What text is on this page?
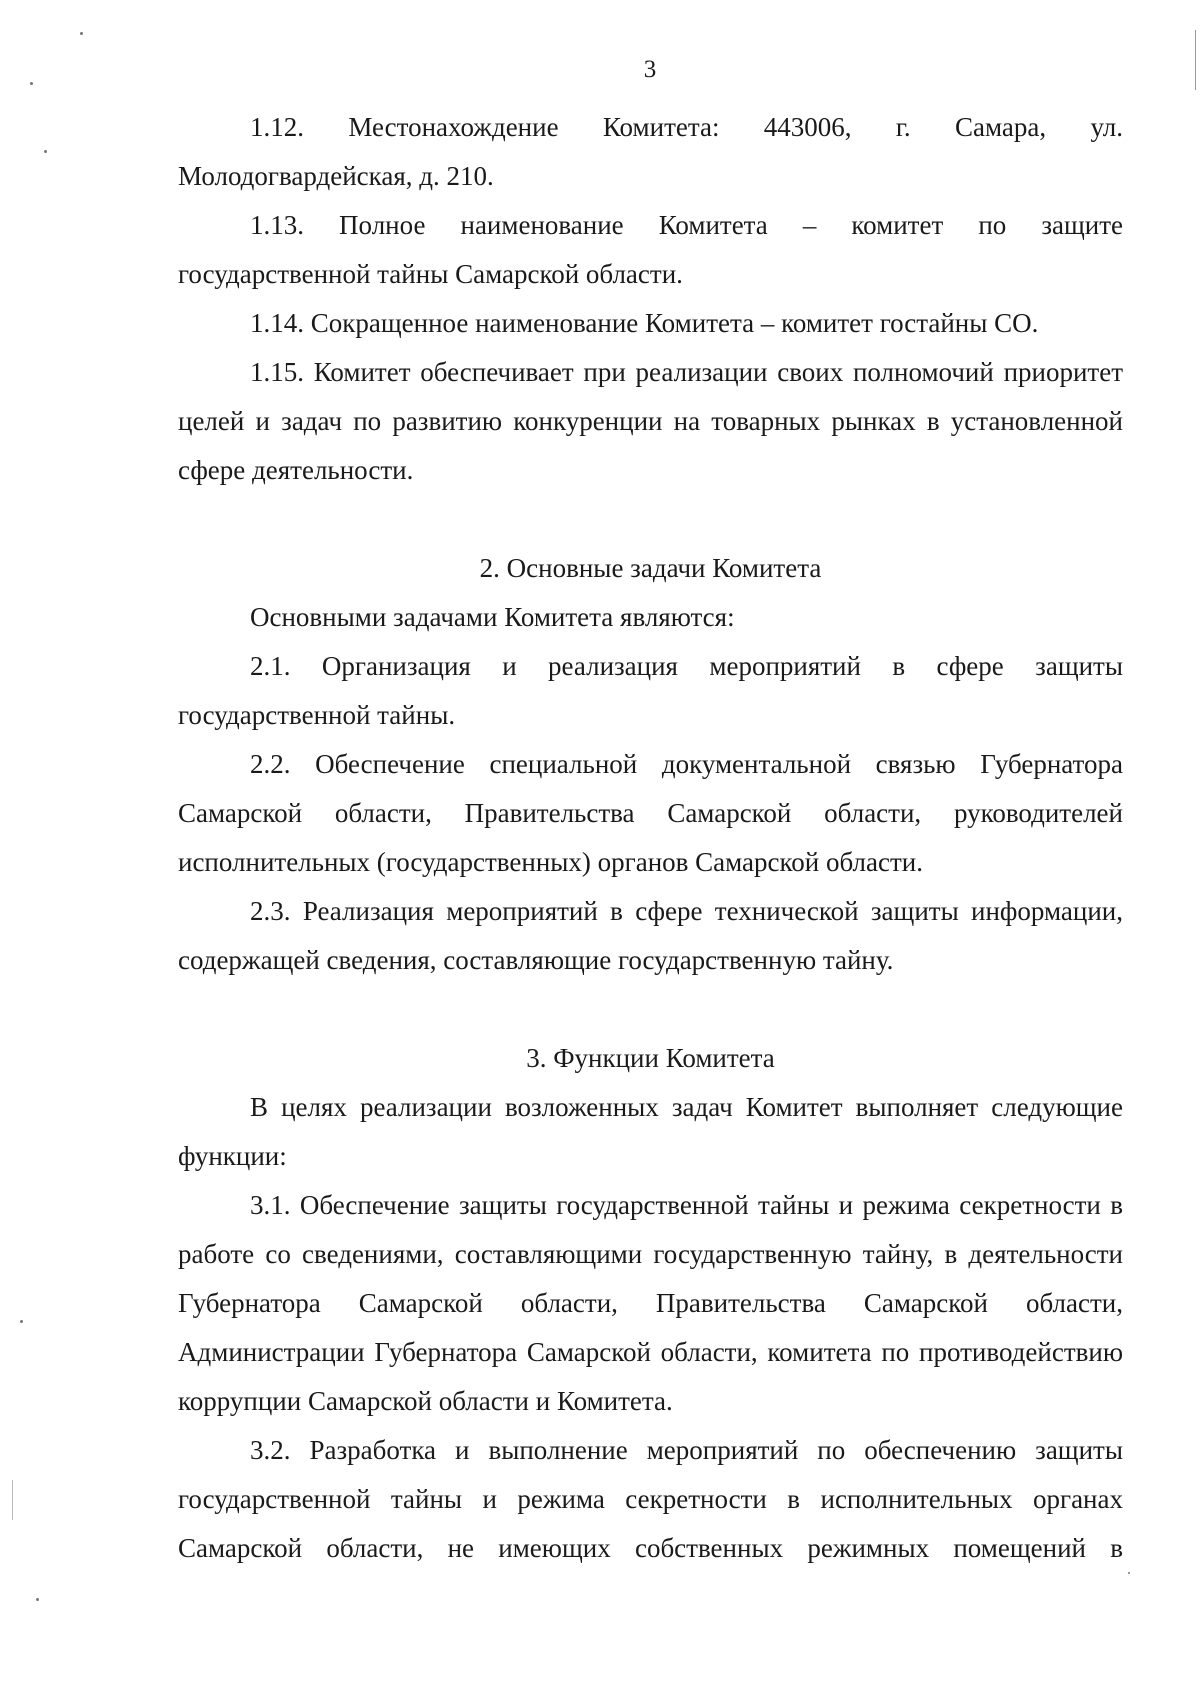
3

1.12. Местонахождение Комитета: 443006, г. Самара, ул. Молодогвардейская, д. 210.

1.13. Полное наименование Комитета – комитет по защите государственной тайны Самарской области.

1.14. Сокращенное наименование Комитета – комитет гостайны СО.

1.15. Комитет обеспечивает при реализации своих полномочий приоритет целей и задач по развитию конкуренции на товарных рынках в установленной сфере деятельности.

2. Основные задачи Комитета

Основными задачами Комитета являются:

2.1. Организация и реализация мероприятий в сфере защиты государственной тайны.

2.2. Обеспечение специальной документальной связью Губернатора Самарской области, Правительства Самарской области, руководителей исполнительных (государственных) органов Самарской области.

2.3. Реализация мероприятий в сфере технической защиты информации, содержащей сведения, составляющие государственную тайну.

3. Функции Комитета

В целях реализации возложенных задач Комитет выполняет следующие функции:

3.1. Обеспечение защиты государственной тайны и режима секретности в работе со сведениями, составляющими государственную тайну, в деятельности Губернатора Самарской области, Правительства Самарской области, Администрации Губернатора Самарской области, комитета по противодействию коррупции Самарской области и Комитета.

3.2. Разработка и выполнение мероприятий по обеспечению защиты государственной тайны и режима секретности в исполнительных органах Самарской области, не имеющих собственных режимных помещений в
